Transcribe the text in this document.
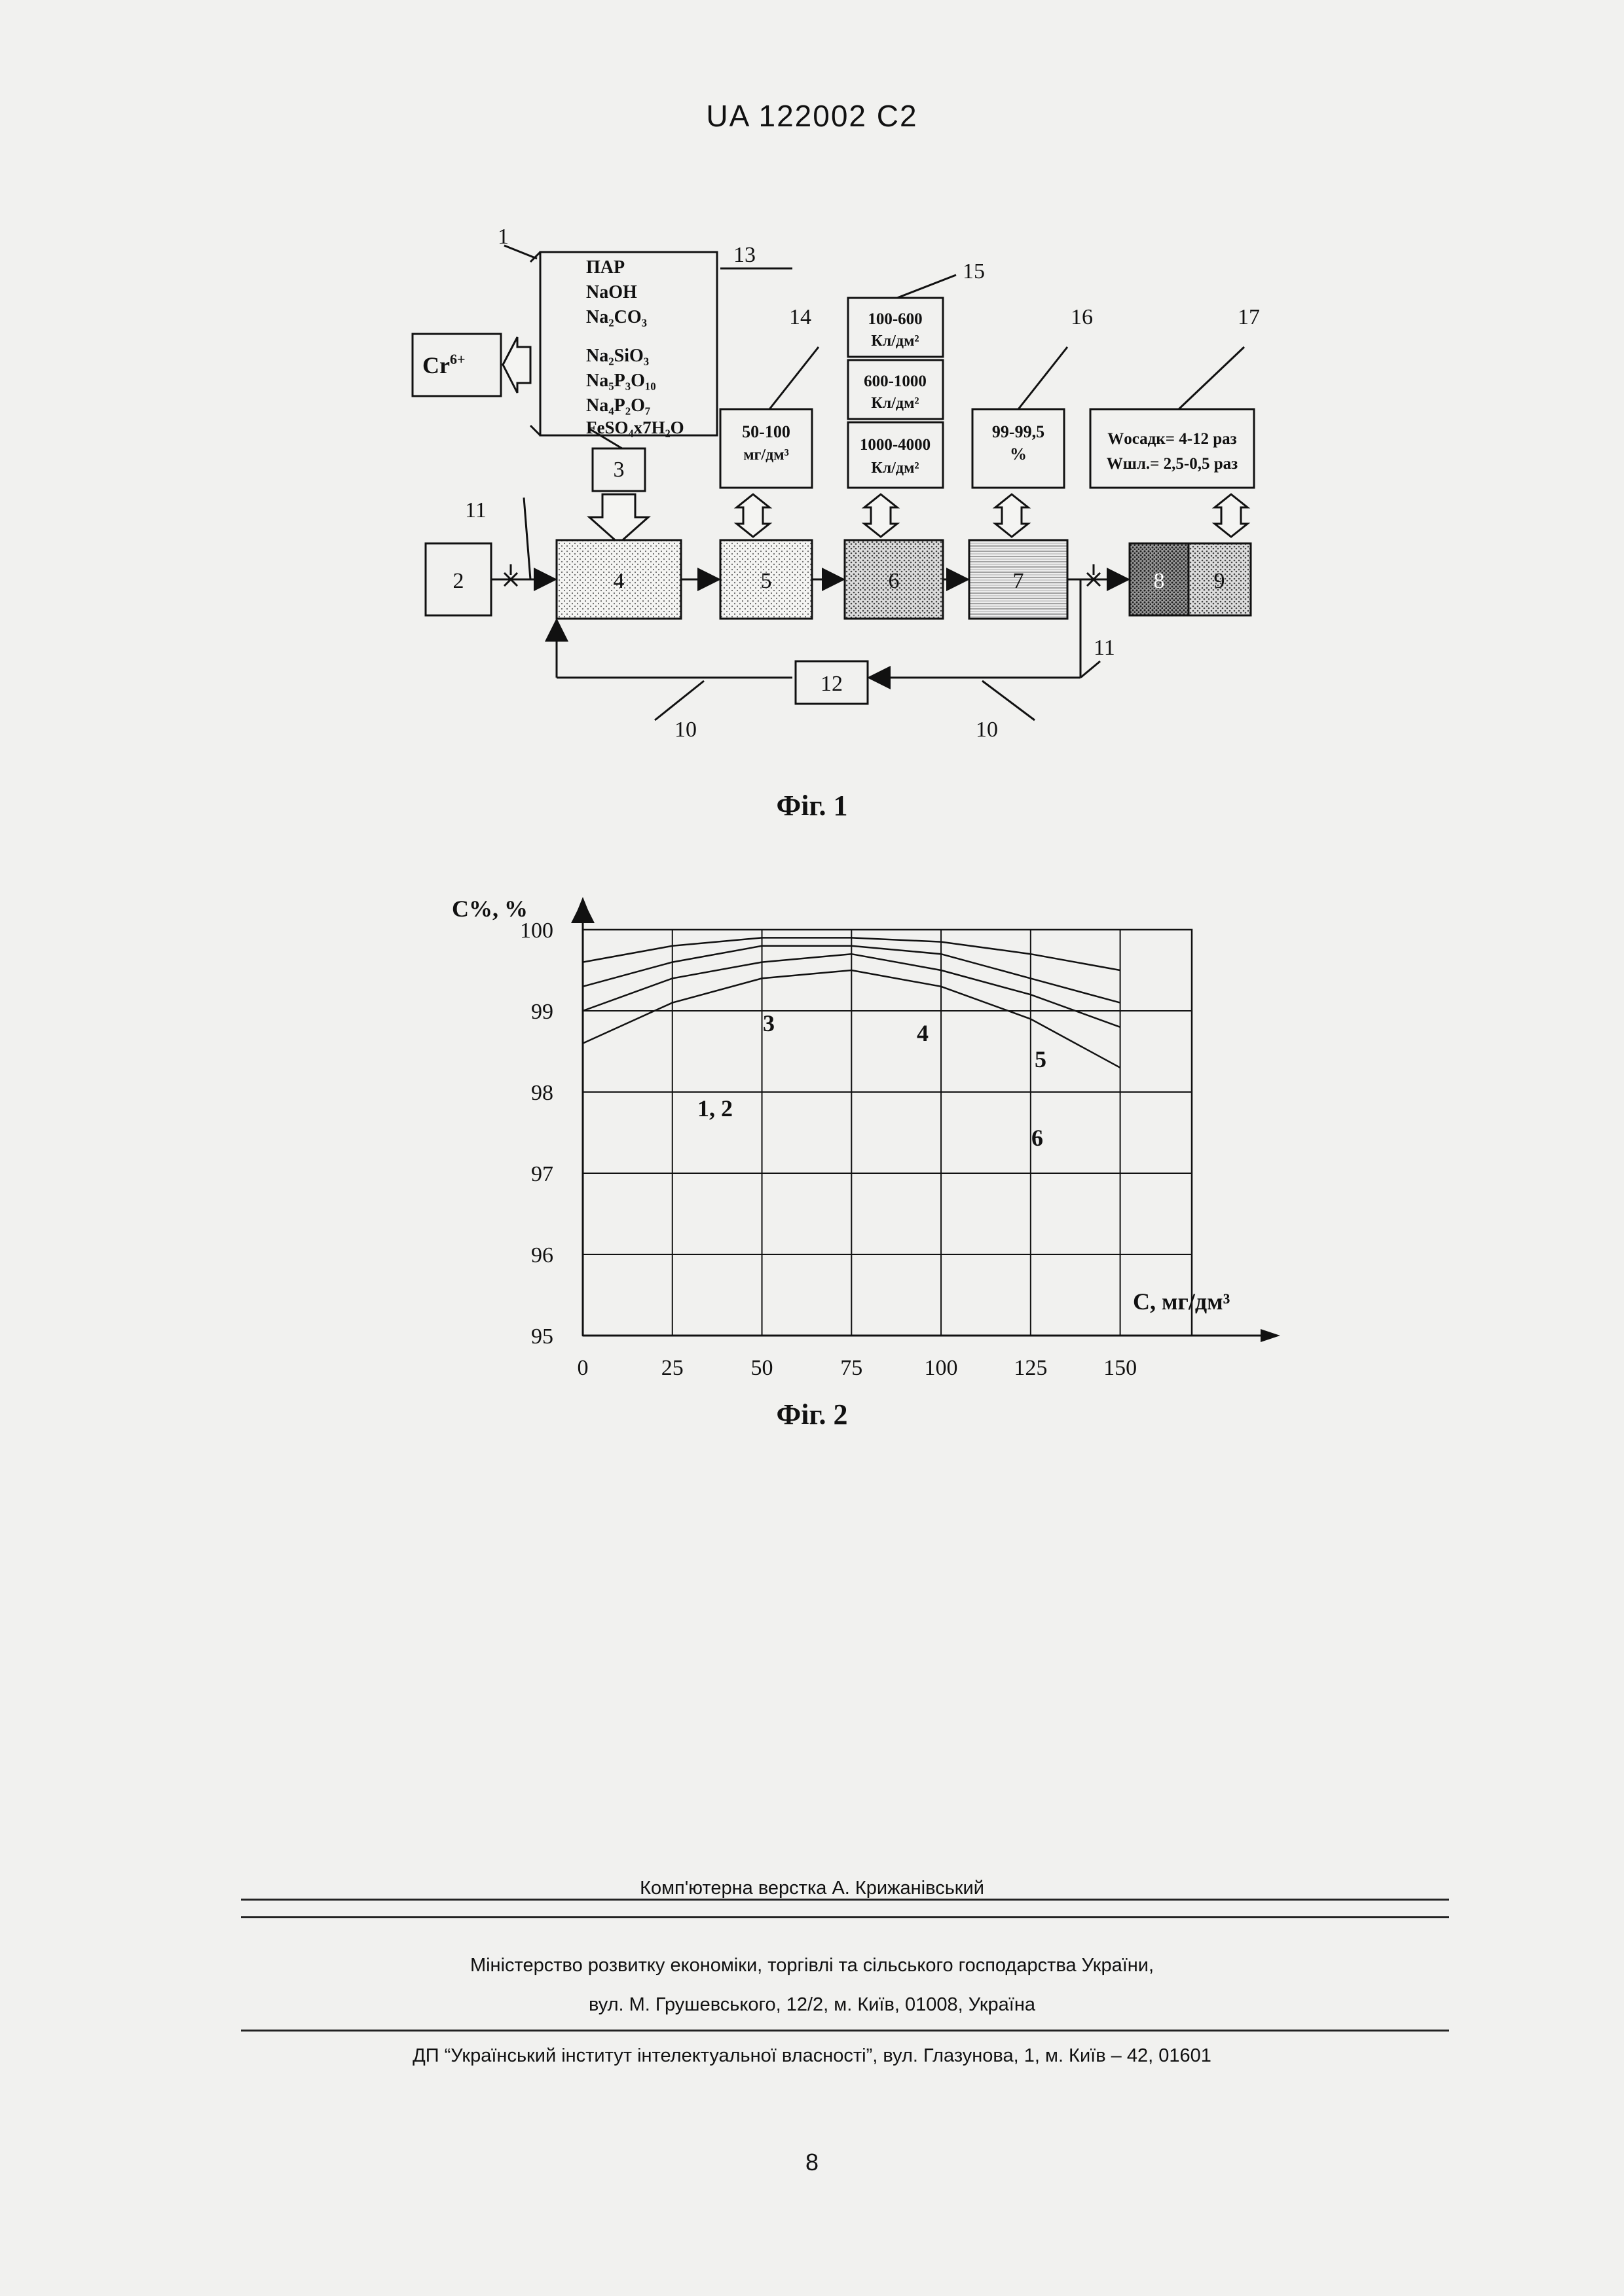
UA 122002 C2
1
$Cr^{6+}$
ПАР
NaOH
Na₂CO₃
Na₂SiO₃
Na₅P₃O₁₀
Na₄P₂O₇
FeSO₄x7H₂O
13
14
15
16	17
50-100
мг/дм³
100-600
Кл/дм²
600-1000
Кл/дм²
1000-4000
Кл/дм²
99-99,5
%
Wосадк= 4-12 раз
Wшл.= 2,5-0,5 раз
2
3
4	5	6	7	8 9
12
11
11
10	10
Фіг. 1
0	25	50	75	100	125	150
95
96
97
98
99
100
C%, %
C, мг/дм³
1, 2
3	4
5
6
Фіг. 2
Комп'ютерна верстка А. Крижанівський
Міністерство розвитку економіки, торгівлі та сільського господарства України,
вул. М. Грушевського, 12/2, м. Київ, 01008, Україна
ДП “Український інститут інтелектуальної власності”, вул. Глазунова, 1, м. Київ – 42, 01601
8
